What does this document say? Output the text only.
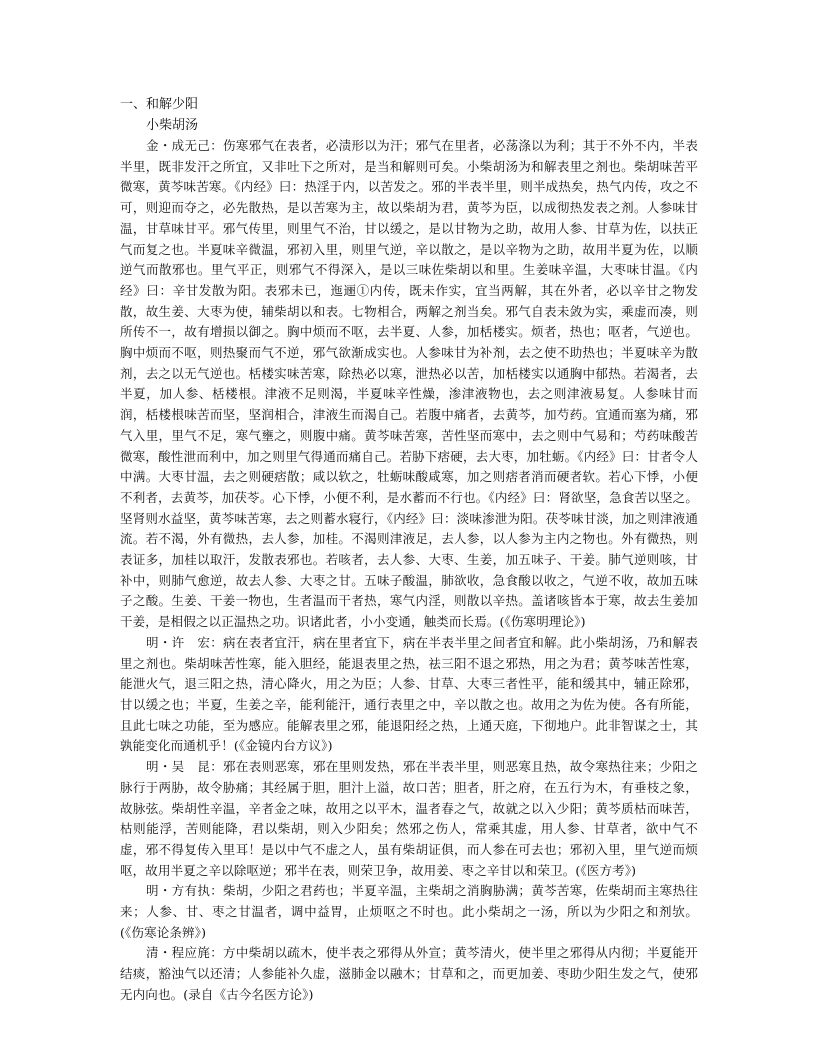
一、和解少阳

小柴胡汤

金・成无己：伤寒邪气在表者，必渍形以为汗；邪气在里者，必荡涤以为利；其于不外不内，半表半里，既非发汗之所宜，又非吐下之所对，是当和解则可矣。小柴胡汤为和解表里之剂也。柴胡味苦平微寒，黄芩味苦寒。《内经》曰：热淫于内，以苦发之。邪的半表半里，则半成热矣，热气内传，攻之不可，则迎而夺之，必先散热，是以苦寒为主，故以柴胡为君，黄芩为臣，以成彻热发表之剂。人参味甘温，甘草味甘平。邪气传里，则里气不治，甘以缓之，是以甘物为之助，故用人参、甘草为佐，以扶正气而复之也。半夏味辛微温，邪初入里，则里气逆，辛以散之，是以辛物为之助，故用半夏为佐，以顺逆气而散邪也。里气平正，则邪气不得深入，是以三味佐柴胡以和里。生姜味辛温，大枣味甘温。《内经》曰：辛甘发散为阳。表邪未已，迤逦①内传，既未作实，宜当两解，其在外者，必以辛甘之物发散，故生姜、大枣为使，辅柴胡以和表。七物相合，两解之剂当矣。邪气自表未敛为实，乘虚而凑，则所传不一，故有增损以御之。胸中烦而不呕，去半夏、人参，加栝楼实。烦者，热也；呕者，气逆也。胸中烦而不呕，则热聚而气不逆，邪气欲渐成实也。人参味甘为补剂，去之使不助热也；半夏味辛为散剂，去之以无气逆也。栝楼实味苦寒，除热必以寒，泄热必以苦，加栝楼实以通胸中郁热。若渴者，去半夏，加人参、栝楼根。津液不足则渴，半夏味辛性燥，渗津液物也，去之则津液易复。人参味甘而润，栝楼根味苦而坚，坚润相合，津液生而渴自己。若腹中痛者，去黄芩，加芍药。宜通而塞为痛，邪气入里，里气不足，寒气壅之，则腹中痛。黄芩味苦寒，苦性坚而寒中，去之则中气易和；芍药味酸苦微寒，酸性泄而利中，加之则里气得通而痛自己。若胁下痞硬，去大枣，加牡蛎。《内经》曰：甘者令人中满。大枣甘温，去之则硬痞散；咸以软之，牡蛎味酸咸寒，加之则痞者消而硬者软。若心下悸，小便不利者，去黄芩，加茯苓。心下悸，小便不利，是水蓄而不行也。《内经》曰：肾欲坚，急食苦以坚之。坚肾则水益坚，黄芩味苦寒，去之则蓄水寝行，《内经》曰：淡味渗泄为阳。茯苓味甘淡，加之则津液通流。若不渴，外有微热，去人参，加桂。不渴则津液足，去人参，以人参为主内之物也。外有微热，则表证多，加桂以取汗，发散表邪也。若咳者，去人参、大枣、生姜，加五味子、干姜。肺气逆则咳，甘补中，则肺气愈逆，故去人参、大枣之甘。五味子酸温，肺欲收，急食酸以收之，气逆不收，故加五味子之酸。生姜、干姜一物也，生者温而干者热，寒气内淫，则散以辛热。盖诸咳皆本于寒，故去生姜加干姜，是相假之以正温热之功。识诸此者，小小变通，触类而长焉。(《伤寒明理论》)

明・许　宏：病在表者宜汗，病在里者宜下，病在半表半里之间者宜和解。此小柴胡汤，乃和解表里之剂也。柴胡味苦性寒，能入胆经，能退表里之热，祛三阳不退之邪热，用之为君；黄芩味苦性寒，能泄火气，退三阳之热，清心降火，用之为臣；人参、甘草、大枣三者性平，能和缓其中，辅正除邪，甘以缓之也；半夏，生姜之辛，能利能汗，通行表里之中，辛以散之也。故用之为佐为使。各有所能，且此七味之功能，至为感应。能解表里之邪，能退阳经之热，上通天庭，下彻地户。此非智谋之士，其孰能变化而通机乎！(《金镜内台方议》)

明・吴　昆：邪在表则恶寒，邪在里则发热，邪在半表半里，则恶寒且热，故令寒热往来；少阳之脉行于两胁，故令胁痛；其经属于胆，胆汁上溢，故口苦；胆者，肝之府，在五行为木，有垂枝之象，故脉弦。柴胡性辛温，辛者金之味，故用之以平木，温者春之气，故就之以入少阳；黄芩质枯而味苦，枯则能浮，苦则能降，君以柴胡，则入少阳矣；然邪之伤人，常乘其虚，用人参、甘草者，欲中气不虚，邪不得复传入里耳！是以中气不虚之人，虽有柴胡证俱，而人参在可去也；邪初入里，里气逆而烦呕，故用半夏之辛以除呕逆；邪半在表，则荣卫争，故用姜、枣之辛甘以和荣卫。(《医方考》)

明・方有执：柴胡，少阳之君药也；半夏辛温，主柴胡之消胸胁满；黄芩苦寒，佐柴胡而主寒热往来；人参、甘、枣之甘温者，调中益胃，止烦呕之不时也。此小柴胡之一汤，所以为少阳之和剂欤。(《伤寒论条辨》)

清・程应旄：方中柴胡以疏木，使半表之邪得从外宣；黄芩清火，使半里之邪得从内彻；半夏能开结痰，豁浊气以还清；人参能补久虚，滋肺金以融木；甘草和之，而更加姜、枣助少阳生发之气，使邪无内向也。(录自《古今名医方论》)
